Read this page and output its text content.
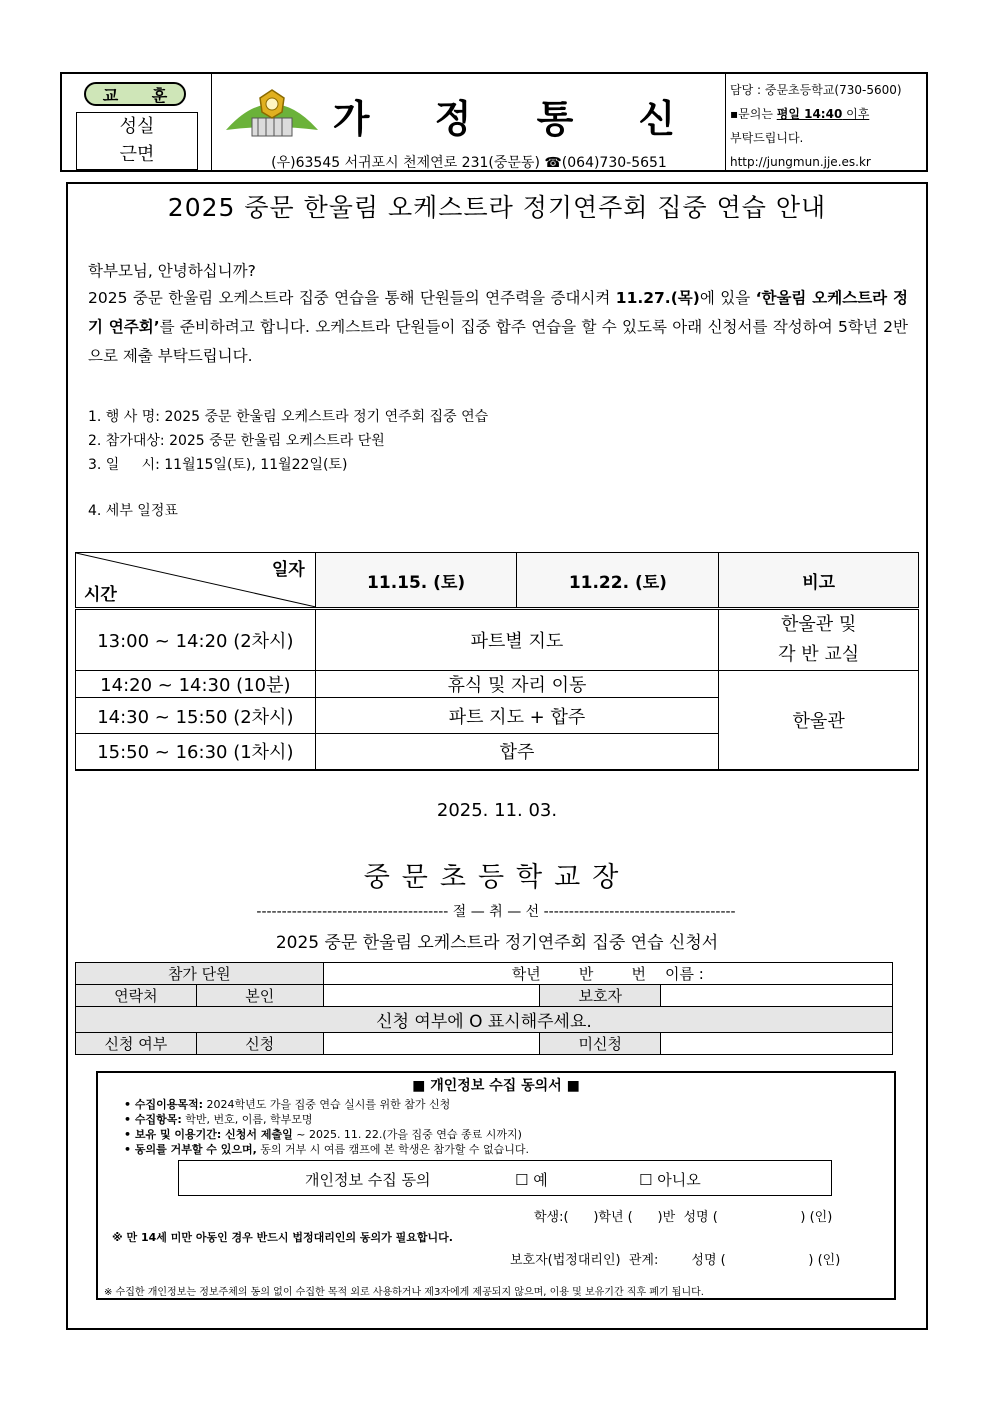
교 훈
성실
근면
가 정 통 신
(우)63545 서귀포시 천제연로 231(중문동) ☎(064)730-5651
담당 : 중문초등학교(730-5600)
▪문의는 평일 14:40 이후
부탁드립니다.
http://jungmun.jje.es.kr
2025 중문 한울림 오케스트라 정기연주회 집중 연습 안내
학부모님, 안녕하십니까?
2025 중문 한울림 오케스트라 집중 연습을 통해 단원들의 연주력을 증대시켜 11.27.(목)에 있을 ‘한울림 오케스트라 정기 연주회’를 준비하려고 합니다. 오케스트라 단원들이 집중 합주 연습을 할 수 있도록 아래 신청서를 작성하여 5학년 2반으로 제출 부탁드립니다.
1. 행 사 명: 2025 중문 한울림 오케스트라 정기 연주회 집중 연습
2. 참가대상: 2025 중문 한울림 오케스트라 단원
3. 일     시: 11월15일(토), 11월22일(토)
4. 세부 일정표
일자
시간	11.15. (토)	11.22. (토)	비고
13:00 ~ 14:20 (2차시)	파트별 지도		한울관 및
각 반 교실

14:20 ~ 14:30 (10분)	휴식 및 자리 이동		한울관
14:30 ~ 15:50 (2차시)	파트 지도 + 합주		
15:50 ~ 16:30 (1차시)	합주		
2025. 11. 03.
중문초등학교장
-------------------------------------- 절 — 취 — 선 --------------------------------------
2025 중문 한울림 오케스트라 정기연주회 집중 연습 신청서
참가 단원		학년        반        번    이름 :		
연락처	본인		보호자	
신청 여부에 O 표시해주세요.				
신청 여부	신청		미신청	
■ 개인정보 수집 동의서 ■
• 수집이용목적: 2024학년도 가을 집중 연습 실시를 위한 참가 신청
• 수집항목: 학반, 번호, 이름, 학부모명
• 보유 및 이용기간: 신청서 제출일 ~ 2025. 11. 22.(가을 집중 연습 종료 시까지)
• 동의를 거부할 수 있으며, 동의 거부 시 여름 캠프에 본 학생은 참가할 수 없습니다.
개인정보 수집 동의	☐ 예	☐ 아니오
학생:(      )학년 (      )반  성명 (                    ) (인)
※ 만 14세 미만 아동인 경우 반드시 법정대리인의 동의가 필요합니다.
보호자(법정대리인)  관계:        성명 (                    ) (인)
※ 수집한 개인정보는 정보주체의 동의 없이 수집한 목적 외로 사용하거나 제3자에게 제공되지 않으며, 이용 및 보유기간 직후 폐기 됩니다.
